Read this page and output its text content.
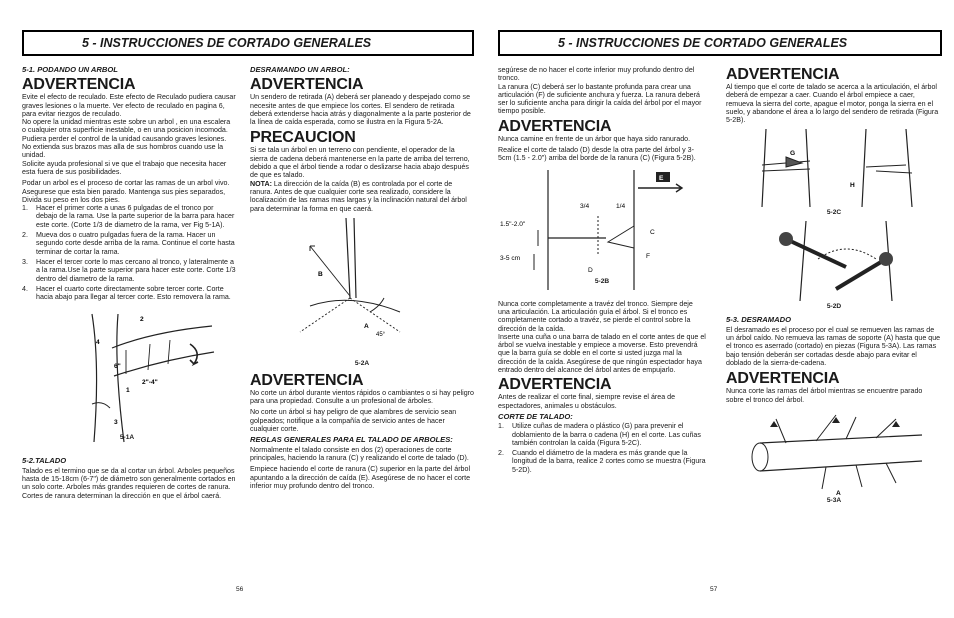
5 - INSTRUCCIONES DE CORTADO GENERALES
5-1. PODANDO UN ARBOL
ADVERTENCIA

Evite el efecto de reculado. Este efecto de Reculado pudiera causar graves lesiones o la muerte. Ver efecto de reculado en pagina 6, para evitar riezgos de reculado.

No opere la unidad mientras este sobre un arbol , en una escalera o cualquier otra superficie inestable, o en una posicion incomoda. Pudiera perder el control de la unidad causando graves lesiones.

No extienda sus brazos mas alla de sus hombros cuando use la unidad.

Solicite ayuda profesional si ve que el trabajo que necesita hacer esta fuera de sus posibilidades.

Podar un arbol es el proceso de cortar las ramas de un arbol vivo. Asegurese que esta bien parado. Mantenga sus pies separados, Divida su peso en los dos pies.

1. Hacer el primer corte a unas 6 pulgadas de el tronco por debajo de la rama. Use la parte superior de la barra para hacer este corte. (Corte 1/3 de diametro de la rama, ver Fig 5-1A).
2. Mueva dos o cuatro pulgadas fuera de la rama. Hacer un segundo corte desde arriba de la rama. Continue el corte hasta terminar de cortar la rama.
3. Hacer el tercer corte lo mas cercano al tronco, y lateralmente a a la rama.Use la parte superior para hacer este corte. Corte 1/3 dentro del diametro de la rama.
4. Hacer el cuarto corte directamente sobre tercer corte. Corte hacia abajo para llegar al tercer corte. Esto removera la rama.
4
2
6"
2"-4"
1
3
5-1A
5-2.TALADO

Talado es el termino que se da al cortar un árbol. Arboles pequeños hasta de 15-18cm (6-7") de diámetro son generalmente cortados en un solo corte. Arboles más grandes requieren de cortes de ranura. Cortes de ranura determinan la dirección en que el árbol caerá.

DESRAMANDO UN ARBOL:
ADVERTENCIA

Un sendero de retirada (A) deberá ser planeado y despejado como se necesite antes de que empiece los cortes. El sendero de retirada deberá extenderse hacia atrás y diagonalmente a la parte posterior de la línea de caída esperada, como se ilustra en la Figura 5-2A.

PRECAUCION

Si se tala un árbol en un terreno con pendiente, el operador de la sierra de cadena deberá mantenerse en la parte de arriba del terreno, debido a que el árbol tiende a rodar o deslizarse hacia abajo después de que es talado.

NOTA: La dirección de la caída (B) es controlada por el corte de ranura. Antes de que cualquier corte sea realizado, considere la localización de las ramas mas largas y la inclinación natural del árbol para determinar la forma en que caerá.

B
A
45°
5-2A
ADVERTENCIA

No corte un árbol durante vientos rápidos o cambiantes o si hay peligro para una propiedad. Consulte a un profesional de árboles.

No corte un árbol si hay peligro de que alambres de servicio sean golpeados; notifique a la compañía de servicio antes de hacer cualquier corte.

REGLAS GENERALES PARA EL TALADO DE ARBOLES:

Normalmente el talado consiste en dos (2) operaciones de corte principales, haciendo la ranura (C) y realizando el corte de talado (D).

Empiece haciendo el corte de ranura (C) superior en la parte del árbol apuntando a la dirección de caída (E). Asegúrese de no hacer el corte inferior muy profundo dentro del tronco.

56
5 - INSTRUCCIONES DE CORTADO GENERALES

segúrese de no hacer el corte inferior muy profundo dentro del tronco.

La ranura (C) deberá ser lo bastante profunda para crear una articulación (F) de suficiente anchura y fuerza. La ranura deberá ser lo suficiente ancha para dirigir la caída del árbol por el mayor tiempo posible.

ADVERTENCIA

Nunca camine en frente de un árbor que haya sido ranurado.

Realice el corte de talado (D) desde la otra parte del árbol y 3-5cm (1.5 - 2.0") arriba del borde de la ranura (C) (Figura 5-2B).

E
3/4	1/4
1.5"-2.0"
C
F
3-5 cm
D
5-2B

Nunca corte completamente a travéz del tronco. Siempre deje una articulación. La articulación guía el árbol. Si el tronco es completamente cortado a travéz, se pierde el control sobre la dirección de la caída.

Inserte una cuña o una barra de talado en el corte antes de que el árbol se vuelva inestable y empiece a moverse. Esto prevendrá que la barra guía se doble en el corte si usted juzga mal la dirección de la caída. Asegúrese de que ningún espectador haya entrado dentro del alcance del árbol antes de empujarlo.

ADVERTENCIA

Antes de realizar el corte final, siempre revise el área de espectadores, animales u obstáculos.

CORTE DE TALADO:
1. Utilize cuñas de madera o plástico (G) para prevenir el doblamiento de la barra o cadena (H) en el corte. Las cuñas también controlan la caída (Figura 5-2C).
2. Cuando el diámetro de la madera es más grande que la longitud de la barra, realice 2 cortes como se muestra (Figura 5-2D).
ADVERTENCIA

Al tiempo que el corte de talado se acerca a la articulación, el árbol deberá de empezar a caer. Cuando el árbol empiece a caer, remueva la sierra del corte, apague el motor, ponga la sierra en el suelo, y abandone el área a lo largo del sendero de retirada (Figura 5-2B).

G
H
5-2C
5-2D
5-3. DESRAMADO

El desramado es el proceso por el cual se remueven las ramas de un árbol caído. No remueva las ramas de soporte (A) hasta que que el tronco es aserrado (cortado) en piezas (Figura 5-3A). Las ramas bajo tensión deberán ser cortadas desde abajo para evitar el doblado de la sierra-de-cadena.

ADVERTENCIA

Nunca corte las ramas del árbol mientras se encuentre parado sobre el tronco del árbol.

A
5-3A
57
